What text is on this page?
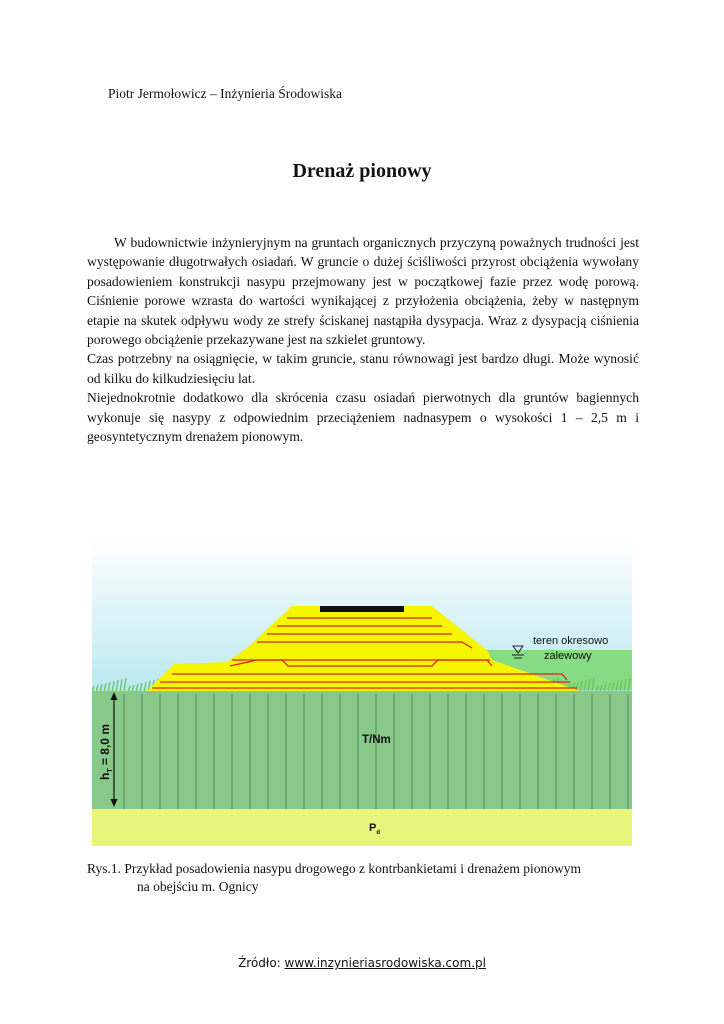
Piotr Jermołowicz – Inżynieria Środowiska
Drenaż pionowy

W budownictwie inżynieryjnym na gruntach organicznych przyczyną poważnych trudności jest występowanie długotrwałych osiadań. W gruncie o dużej ściśliwości przyrost obciążenia wywołany posadowieniem konstrukcji nasypu przejmowany jest w początkowej fazie przez wodę porową. Ciśnienie porowe wzrasta do wartości wynikającej z przyłożenia obciążenia, żeby w następnym etapie na skutek odpływu wody ze strefy ściskanej nastąpiła dysypacja. Wraz z dysypacją ciśnienia porowego obciążenie przekazywane jest na szkielet gruntowy.

Czas potrzebny na osiągnięcie, w takim gruncie, stanu równowagi jest bardzo długi. Może wynosić od kilku do kilkudziesięciu lat.

Niejednokrotnie dodatkowo dla skrócenia czasu osiadań pierwotnych dla gruntów bagiennych wykonuje się nasypy z odpowiednim przeciążeniem nadnasypem o wysokości 1 – 2,5 m i geosyntetycznym drenażem pionowym.

teren okresowo
zalewowy
$h_T = 8,0$ m	T/Nm
$P_d$
Rys.1. Przykład posadowienia nasypu drogowego z kontrbankietami i drenażem pionowym
na obejściu m. Ognicy
Źródło: www.inzynieriasrodowiska.com.pl
